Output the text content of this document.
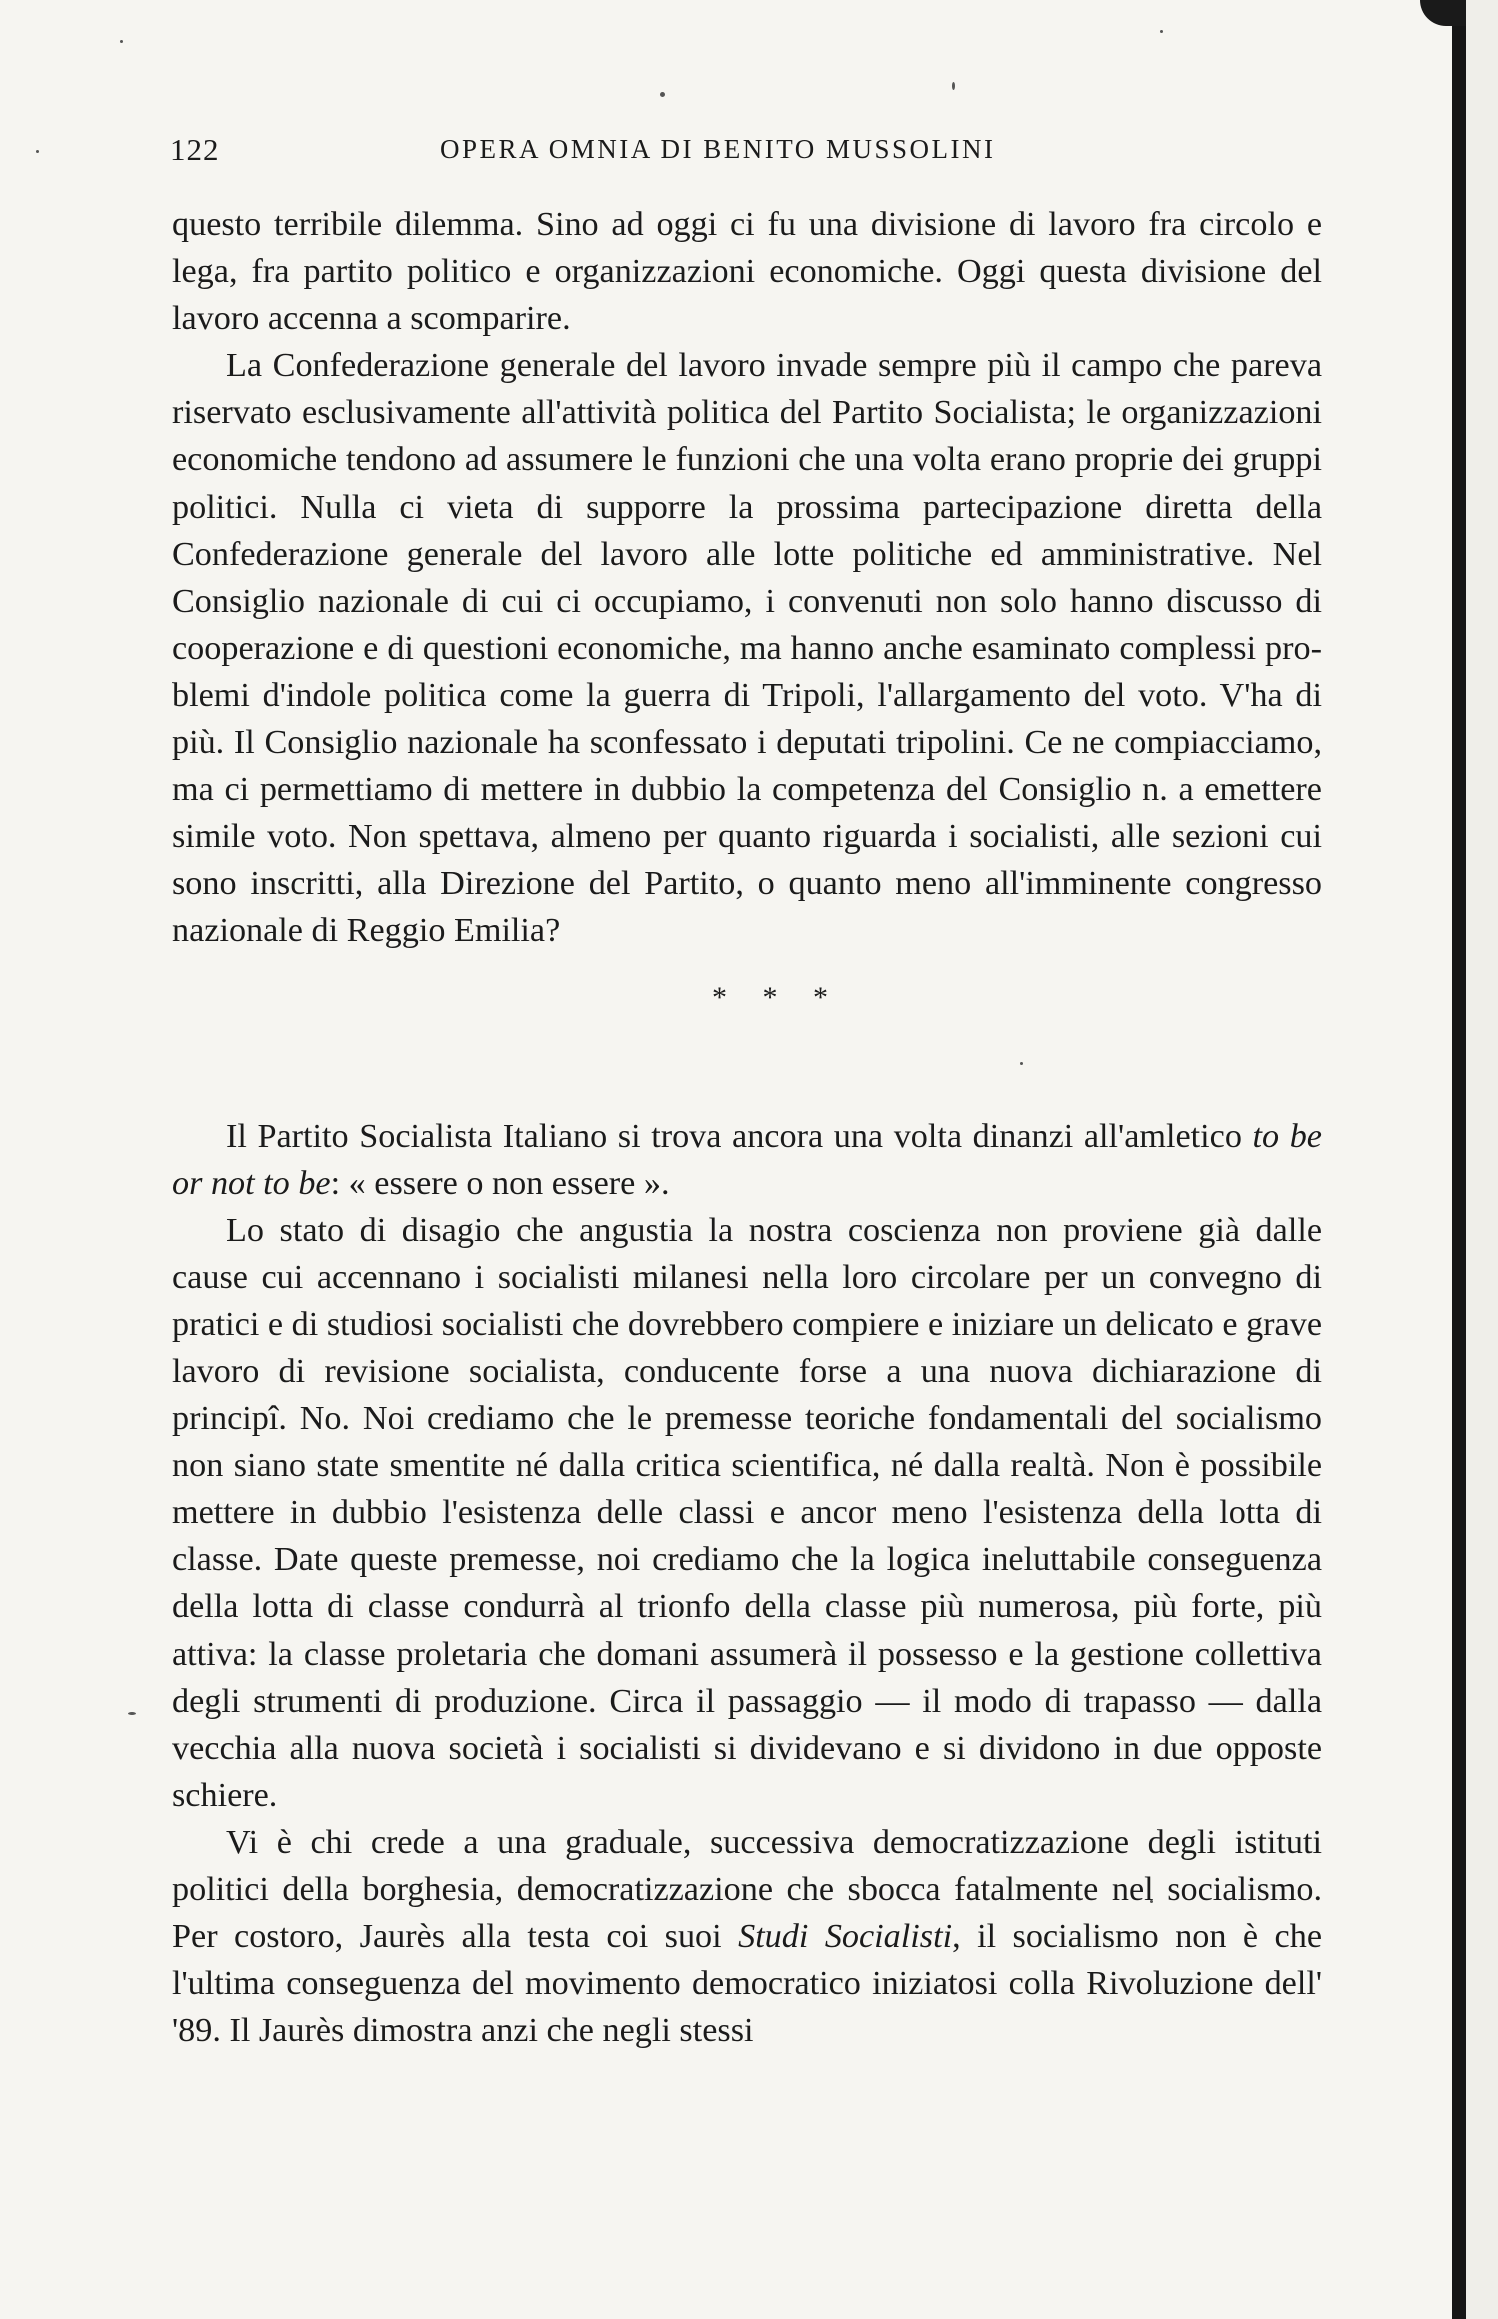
122	OPERA OMNIA DI BENITO MUSSOLINI

questo terribile dilemma. Sino ad oggi ci fu una divisione di lavoro fra circolo e lega, fra partito politico e organizzazioni economiche. Oggi questa divisione del lavoro accenna a scomparire.

La Confederazione generale del lavoro invade sempre più il campo che pareva riservato esclusivamente all'attività politica del Partito Socialista; le organizzazioni economiche tendono ad assumere le funzioni che una volta erano proprie dei gruppi politici. Nulla ci vieta di supporre la prossima partecipazione diretta della Confederazione generale del lavoro alle lotte politiche ed amministrative. Nel Consiglio nazionale di cui ci occupiamo, i convenuti non solo hanno discusso di cooperazione e di questioni economiche, ma hanno anche esaminato complessi problemi d'indole politica come la guerra di Tripoli, l'allargamento del voto. V'ha di più. Il Consiglio nazionale ha sconfessato i deputati tripolini. Ce ne compiacciamo, ma ci permettiamo di mettere in dubbio la competenza del Consiglio n. a emettere simile voto. Non spettava, almeno per quanto riguarda i socialisti, alle sezioni cui sono inscritti, alla Direzione del Partito, o quanto meno all'imminente congresso nazionale di Reggio Emilia?

* * *

Il Partito Socialista Italiano si trova ancora una volta dinanzi all'amletico to be or not to be: « essere o non essere ».

Lo stato di disagio che angustia la nostra coscienza non proviene già dalle cause cui accennano i socialisti milanesi nella loro circolare per un convegno di pratici e di studiosi socialisti che dovrebbero compiere e iniziare un delicato e grave lavoro di revisione socialista, conducente forse a una nuova dichiarazione di principî. No. Noi crediamo che le premesse teoriche fondamentali del socialismo non siano state smentite né dalla critica scientifica, né dalla realtà. Non è possibile mettere in dubbio l'esistenza delle classi e ancor meno l'esistenza della lotta di classe. Date queste premesse, noi crediamo che la logica ineluttabile conseguenza della lotta di classe condurrà al trionfo della classe più numerosa, più forte, più attiva: la classe proletaria che domani assumerà il possesso e la gestione collettiva degli strumenti di produzione. Circa il passaggio — il modo di trapasso — dalla vecchia alla nuova società i socialisti si dividevano e si dividono in due opposte schiere.

Vi è chi crede a una graduale, successiva democratizzazione degli istituti politici della borghesia, democratizzazione che sbocca fatalmente nel socialismo. Per costoro, Jaurès alla testa coi suoi Studi Socialisti, il socialismo non è che l'ultima conseguenza del movimento democratico iniziatosi colla Rivoluzione dell' '89. Il Jaurès dimostra anzi che negli stessi
